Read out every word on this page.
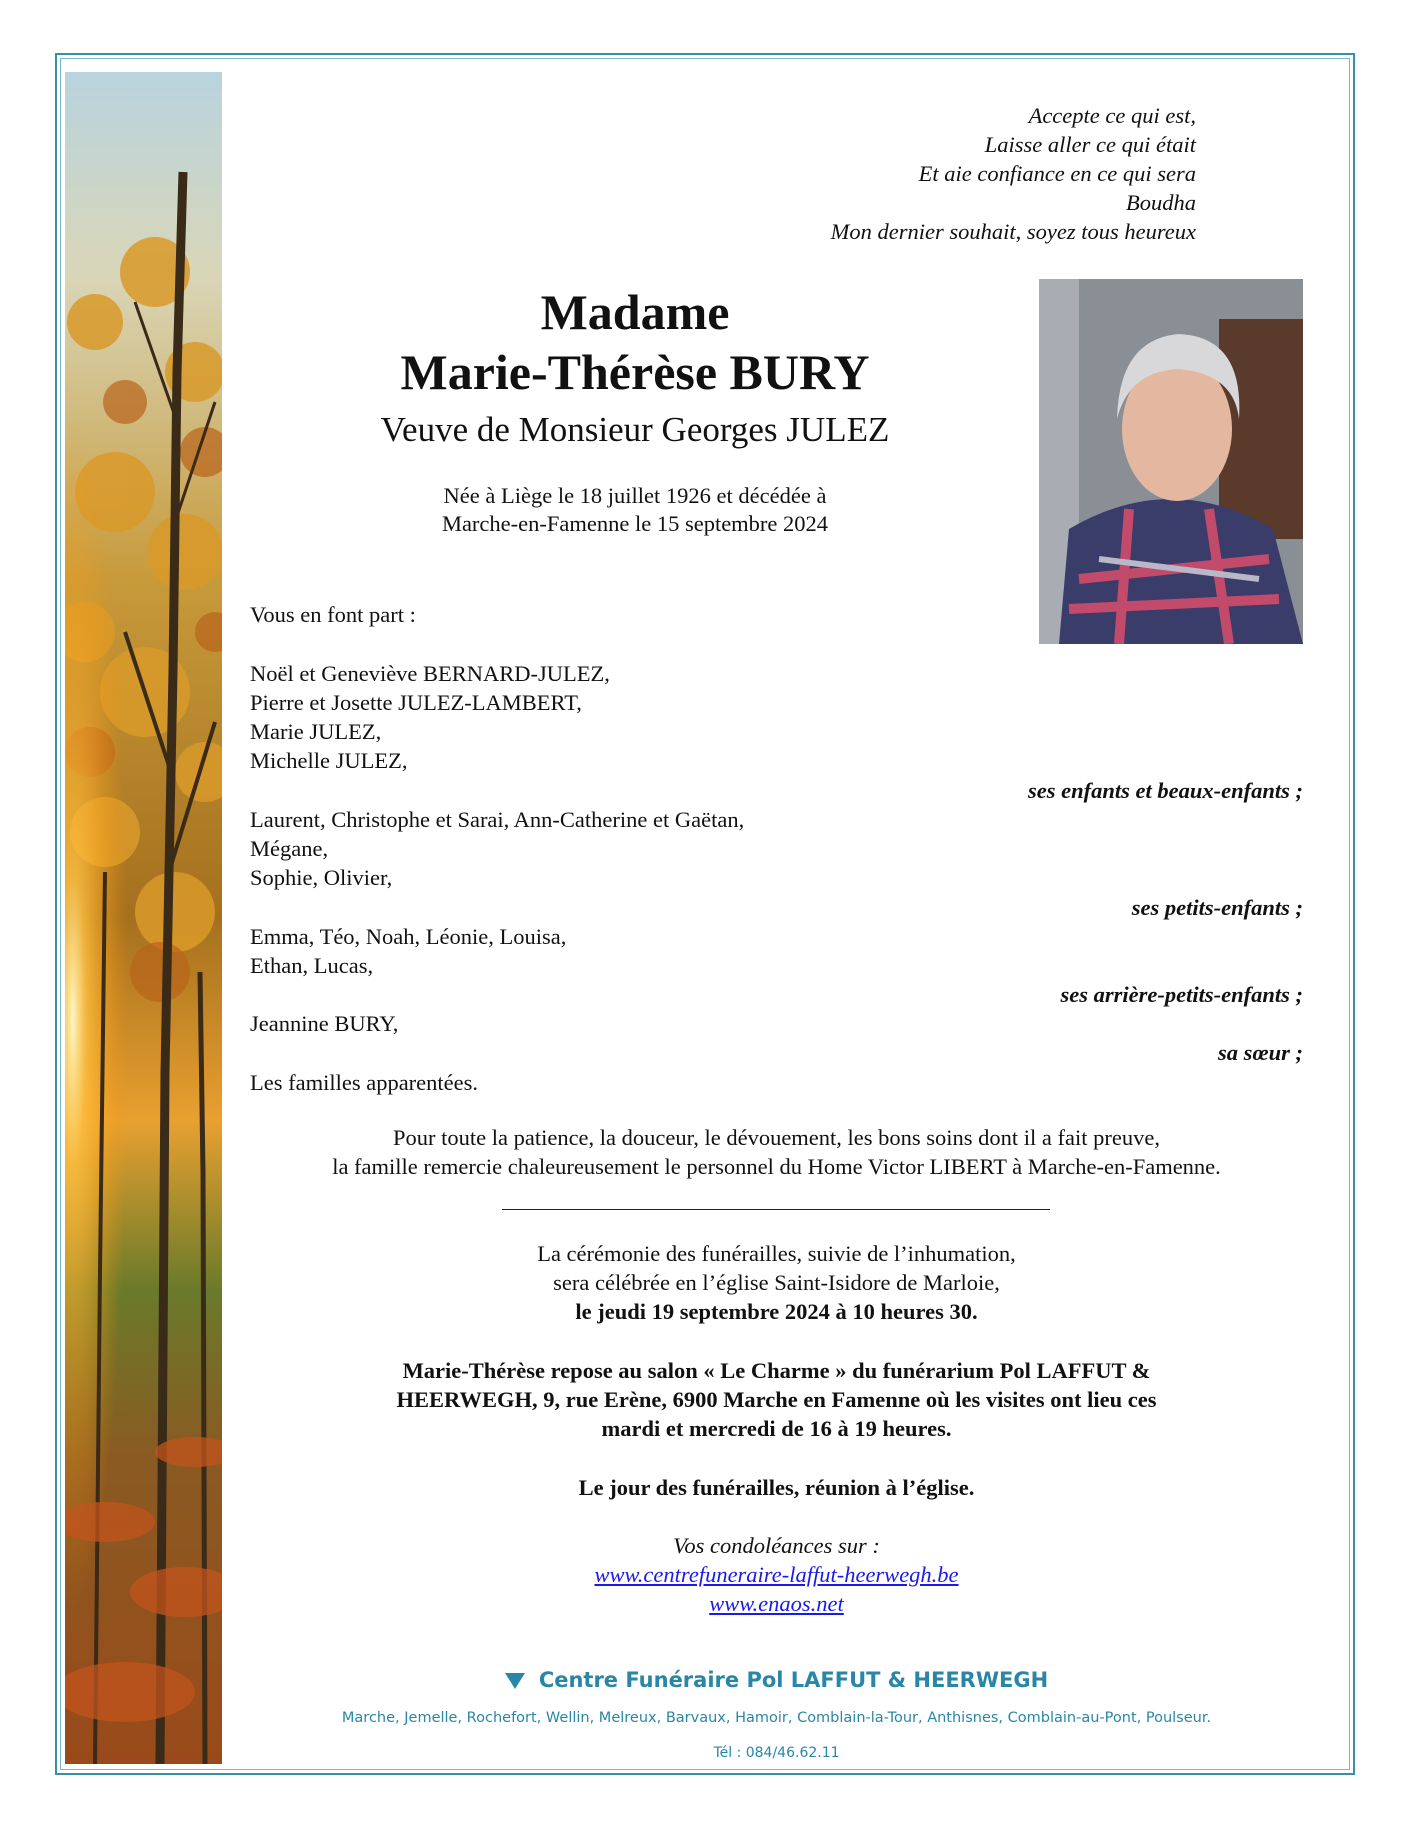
Accepte ce qui est,
Laisse aller ce qui était
Et aie confiance en ce qui sera
Boudha
Mon dernier souhait, soyez tous heureux
Madame
Marie-Thérèse BURY
Veuve de Monsieur Georges JULEZ
Née à Liège le 18 juillet 1926 et décédée à
Marche-en-Famenne le 15 septembre 2024
Vous en font part :
Noël et Geneviève BERNARD-JULEZ,
Pierre et Josette JULEZ-LAMBERT,
Marie JULEZ,
Michelle JULEZ,
ses enfants et beaux-enfants ;
Laurent, Christophe et Sarai, Ann-Catherine et Gaëtan,
Mégane,
Sophie, Olivier,
ses petits-enfants ;
Emma, Téo, Noah, Léonie, Louisa,
Ethan, Lucas,
ses arrière-petits-enfants ;
Jeannine BURY,
sa sœur ;
Les familles apparentées.
Pour toute la patience, la douceur, le dévouement, les bons soins dont il a fait preuve,
la famille remercie chaleureusement le personnel du Home Victor LIBERT à Marche-en-Famenne.
La cérémonie des funérailles, suivie de l’inhumation,
sera célébrée en l’église Saint-Isidore de Marloie,
le jeudi 19 septembre 2024 à 10 heures 30.
Marie-Thérèse repose au salon « Le Charme » du funérarium Pol LAFFUT &
HEERWEGH, 9, rue Erène, 6900 Marche en Famenne où les visites ont lieu ces
mardi et mercredi de 16 à 19 heures.
Le jour des funérailles, réunion à l’église.
Vos condoléances sur :
www.centrefuneraire-laffut-heerwegh.be
www.enaos.net
Centre Funéraire Pol LAFFUT & HEERWEGH
Marche, Jemelle, Rochefort, Wellin, Melreux, Barvaux, Hamoir, Comblain-la-Tour, Anthisnes, Comblain-au-Pont, Poulseur.
Tél : 084/46.62.11
